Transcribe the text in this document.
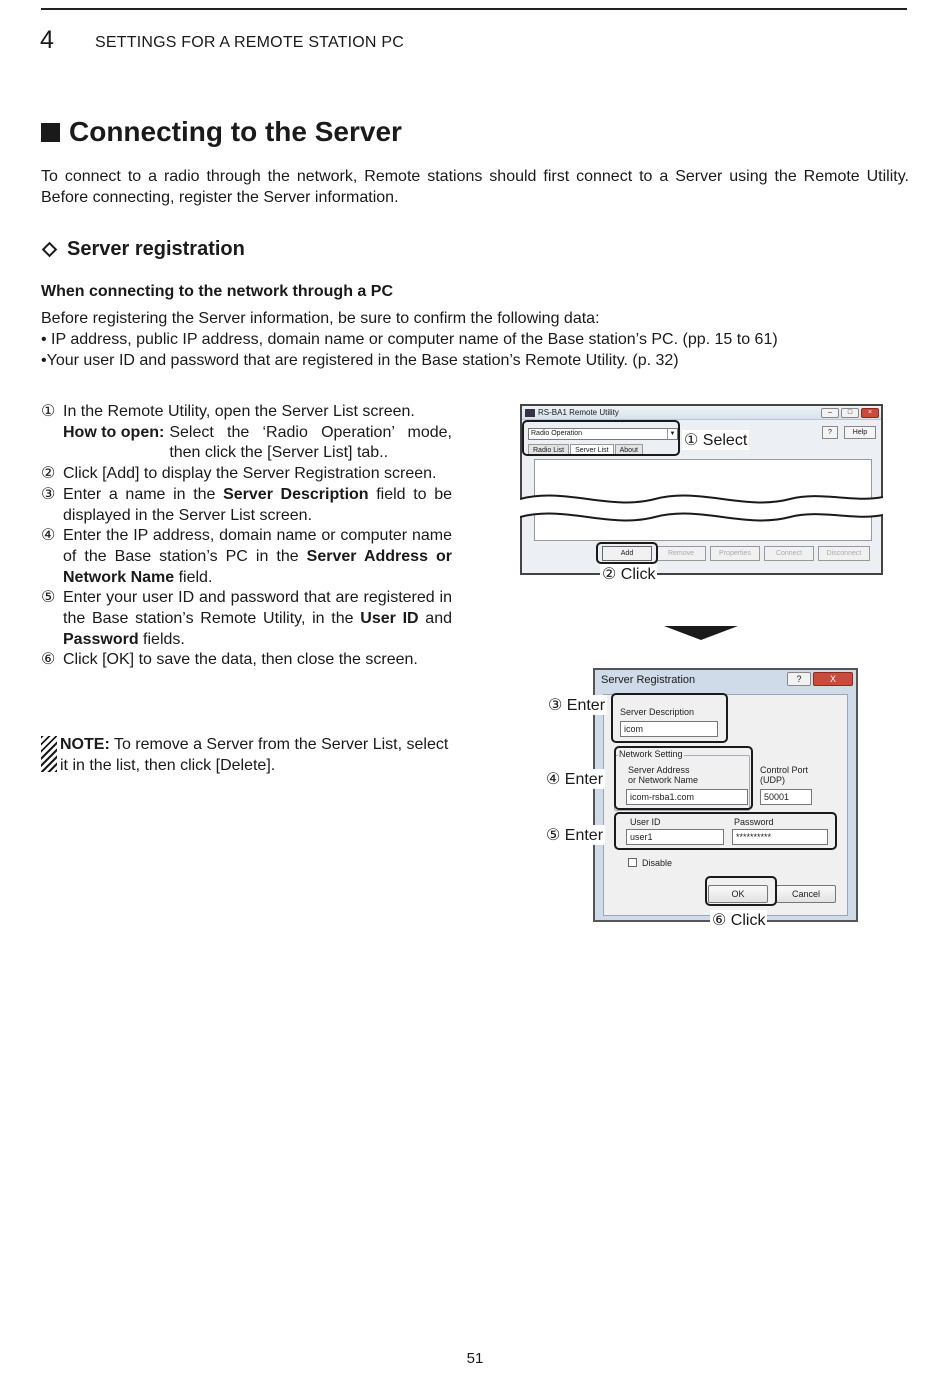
4	SETTINGS FOR A REMOTE STATION PC
Connecting to the Server
To connect to a radio through the network, Remote stations should first connect to a Server using the Remote Utility. Before connecting, register the Server information.
Server registration
When connecting to the network through a PC
Before registering the Server information, be sure to confirm the following data:
• IP address, public IP address, domain name or computer name of the Base station’s PC. (pp. 15 to 61)
•Your user ID and password that are registered in the Base station’s Remote Utility. (p. 32)
① In the Remote Utility, open the Server List screen.
How to open: Select the ‘Radio Operation’ mode, then click the [Server List] tab..
② Click [Add] to display the Server Registration screen.
③ Enter a name in the Server Description field to be displayed in the Server List screen.
④ Enter the IP address, domain name or computer name of the Base station’s PC in the Server Address or Network Name field.
⑤ Enter your user ID and password that are registered in the Base station’s Remote Utility, in the User ID and Password fields.
⑥ Click [OK] to save the data, then close the screen.
NOTE: To remove a Server from the Server List, select it in the list, then click [Delete].
RS-BA1 Remote Utility	–	□	×
Radio Operation	▼
Radio List	Server List	About
?	Help
Add	Remove	Properties	Connect	Disconnect
① Select
② Click
Server Registration	?	X
Server Description
icom
Network Setting
Server Address
or Network Name
icom-rsba1.com
Control Port
(UDP)
50001
User ID
user1
Password
**********
Disable
OK	Cancel
③ Enter
④ Enter
⑤ Enter
⑥ Click
51
